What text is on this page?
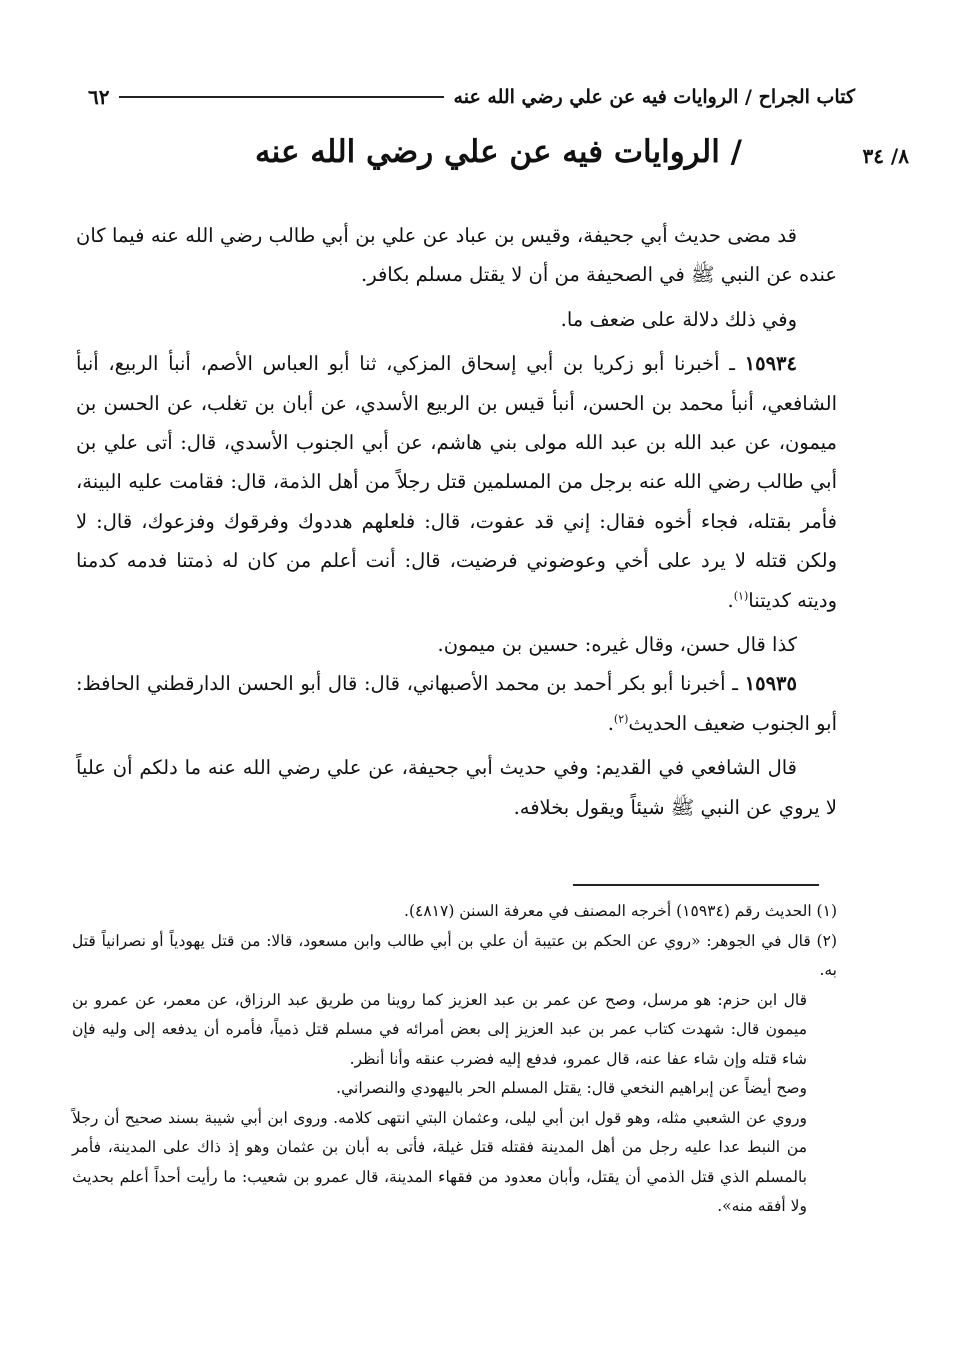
كتاب الجراح / الروايات فيه عن علي رضي الله عنه
٦٢
٨/ ٣٤
/ الروايات فيه عن علي رضي الله عنه

قد مضى حديث أبي جحيفة، وقيس بن عباد عن علي بن أبي طالب رضي الله عنه فيما كان عنده عن النبي ﷺ في الصحيفة من أن لا يقتل مسلم بكافر.

وفي ذلك دلالة على ضعف ما.

١٥٩٣٤ ـ أخبرنا أبو زكريا بن أبي إسحاق المزكي، ثنا أبو العباس الأصم، أنبأ الربيع، أنبأ الشافعي، أنبأ محمد بن الحسن، أنبأ قيس بن الربيع الأسدي، عن أبان بن تغلب، عن الحسن بن ميمون، عن عبد الله بن عبد الله مولى بني هاشم، عن أبي الجنوب الأسدي، قال: أتى علي بن أبي طالب رضي الله عنه برجل من المسلمين قتل رجلاً من أهل الذمة، قال: فقامت عليه البينة، فأمر بقتله، فجاء أخوه فقال: إني قد عفوت، قال: فلعلهم هددوك وفرقوك وفزعوك، قال: لا ولكن قتله لا يرد على أخي وعوضوني فرضيت، قال: أنت أعلم من كان له ذمتنا فدمه كدمنا وديته كديتنا$^{(١)}$.

كذا قال حسن، وقال غيره: حسين بن ميمون.

١٥٩٣٥ ـ أخبرنا أبو بكر أحمد بن محمد الأصبهاني، قال: قال أبو الحسن الدارقطني الحافظ: أبو الجنوب ضعيف الحديث$^{(٢)}$.

قال الشافعي في القديم: وفي حديث أبي جحيفة، عن علي رضي الله عنه ما دلكم أن علياً لا يروي عن النبي ﷺ شيئاً ويقول بخلافه.

(١) الحديث رقم (١٥٩٣٤) أخرجه المصنف في معرفة السنن (٤٨١٧).

(٢) قال في الجوهر: «روي عن الحكم بن عتيبة أن علي بن أبي طالب وابن مسعود، قالا: من قتل يهودياً أو نصرانياً قتل به.

قال ابن حزم: هو مرسل، وصح عن عمر بن عبد العزيز كما روينا من طريق عبد الرزاق، عن معمر، عن عمرو بن ميمون قال: شهدت كتاب عمر بن عبد العزيز إلى بعض أمرائه في مسلم قتل ذمياً، فأمره أن يدفعه إلى وليه فإن شاء قتله وإن شاء عفا عنه، قال عمرو، فدفع إليه فضرب عنقه وأنا أنظر.

وصح أيضاً عن إبراهيم النخعي قال: يقتل المسلم الحر باليهودي والنصراني.

وروي عن الشعبي مثله، وهو قول ابن أبي ليلى، وعثمان البتي انتهى كلامه. وروى ابن أبي شيبة بسند صحيح أن رجلاً من النبط عدا عليه رجل من أهل المدينة فقتله قتل غيلة، فأتى به أبان بن عثمان وهو إذ ذاك على المدينة، فأمر بالمسلم الذي قتل الذمي أن يقتل، وأبان معدود من فقهاء المدينة، قال عمرو بن شعيب: ما رأيت أحداً أعلم بحديث ولا أفقه منه».
